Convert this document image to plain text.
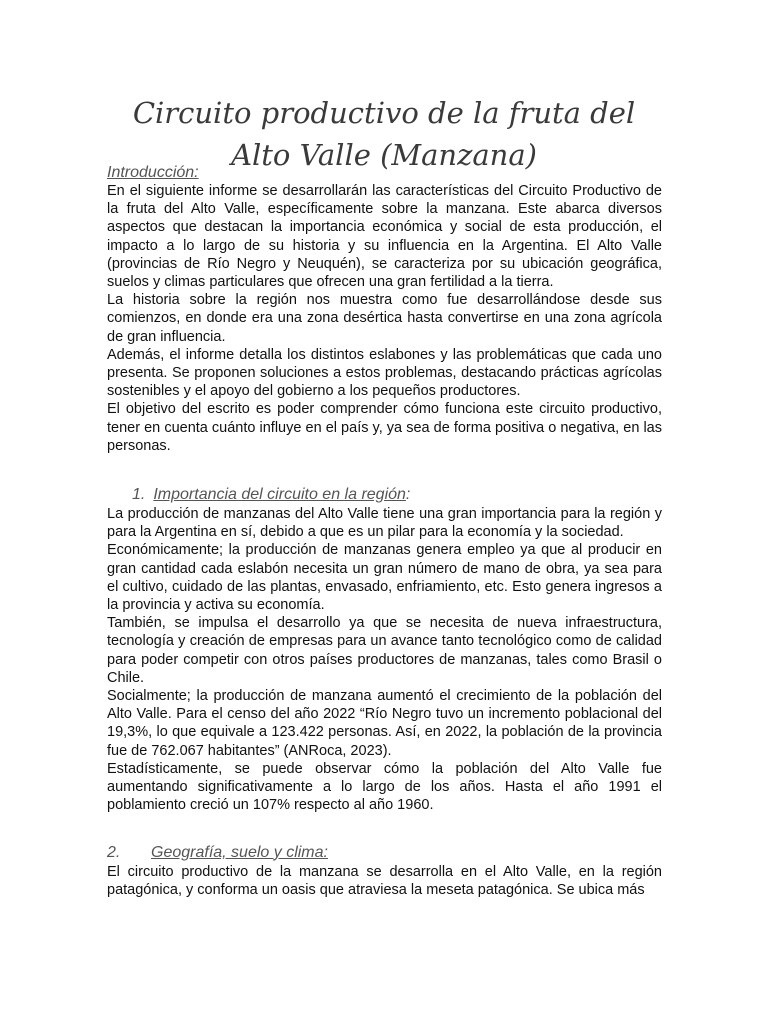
Circuito productivo de la fruta del Alto Valle (Manzana)
Introducción:

En el siguiente informe se desarrollarán las características del Circuito Productivo de la fruta del Alto Valle, específicamente sobre la manzana. Este abarca diversos aspectos que destacan la importancia económica y social de esta producción, el impacto a lo largo de su historia y su influencia en la Argentina. El Alto Valle (provincias de Río Negro y Neuquén), se caracteriza por su ubicación geográfica, suelos y climas particulares que ofrecen una gran fertilidad a la tierra.

La historia sobre la región nos muestra como fue desarrollándose desde sus comienzos, en donde era una zona desértica hasta convertirse en una zona agrícola de gran influencia.

Además, el informe detalla los distintos eslabones y las problemáticas que cada uno presenta. Se proponen soluciones a estos problemas, destacando prácticas agrícolas sostenibles y el apoyo del gobierno a los pequeños productores.

El objetivo del escrito es poder comprender cómo funciona este circuito productivo, tener en cuenta cuánto influye en el país y, ya sea de forma positiva o negativa, en las personas.

1. Importancia del circuito en la región:

La producción de manzanas del Alto Valle tiene una gran importancia para la región y para la Argentina en sí, debido a que es un pilar para la economía y la sociedad.

Económicamente; la producción de manzanas genera empleo ya que al producir en gran cantidad cada eslabón necesita un gran número de mano de obra, ya sea para el cultivo, cuidado de las plantas, envasado, enfriamiento, etc. Esto genera ingresos a la provincia y activa su economía.

También, se impulsa el desarrollo ya que se necesita de nueva infraestructura, tecnología y creación de empresas para un avance tanto tecnológico como de calidad para poder competir con otros países productores de manzanas, tales como Brasil o Chile.

Socialmente; la producción de manzana aumentó el crecimiento de la población del Alto Valle. Para el censo del año 2022 “Río Negro tuvo un incremento poblacional del 19,3%, lo que equivale a 123.422 personas. Así, en 2022, la población de la provincia fue de 762.067 habitantes” (ANRoca, 2023).

Estadísticamente, se puede observar cómo la población del Alto Valle fue aumentando significativamente a lo largo de los años. Hasta el año 1991 el poblamiento creció un 107% respecto al año 1960.

2. Geografía, suelo y clima:

El circuito productivo de la manzana se desarrolla en el Alto Valle, en la región patagónica, y conforma un oasis que atraviesa la meseta patagónica. Se ubica más
